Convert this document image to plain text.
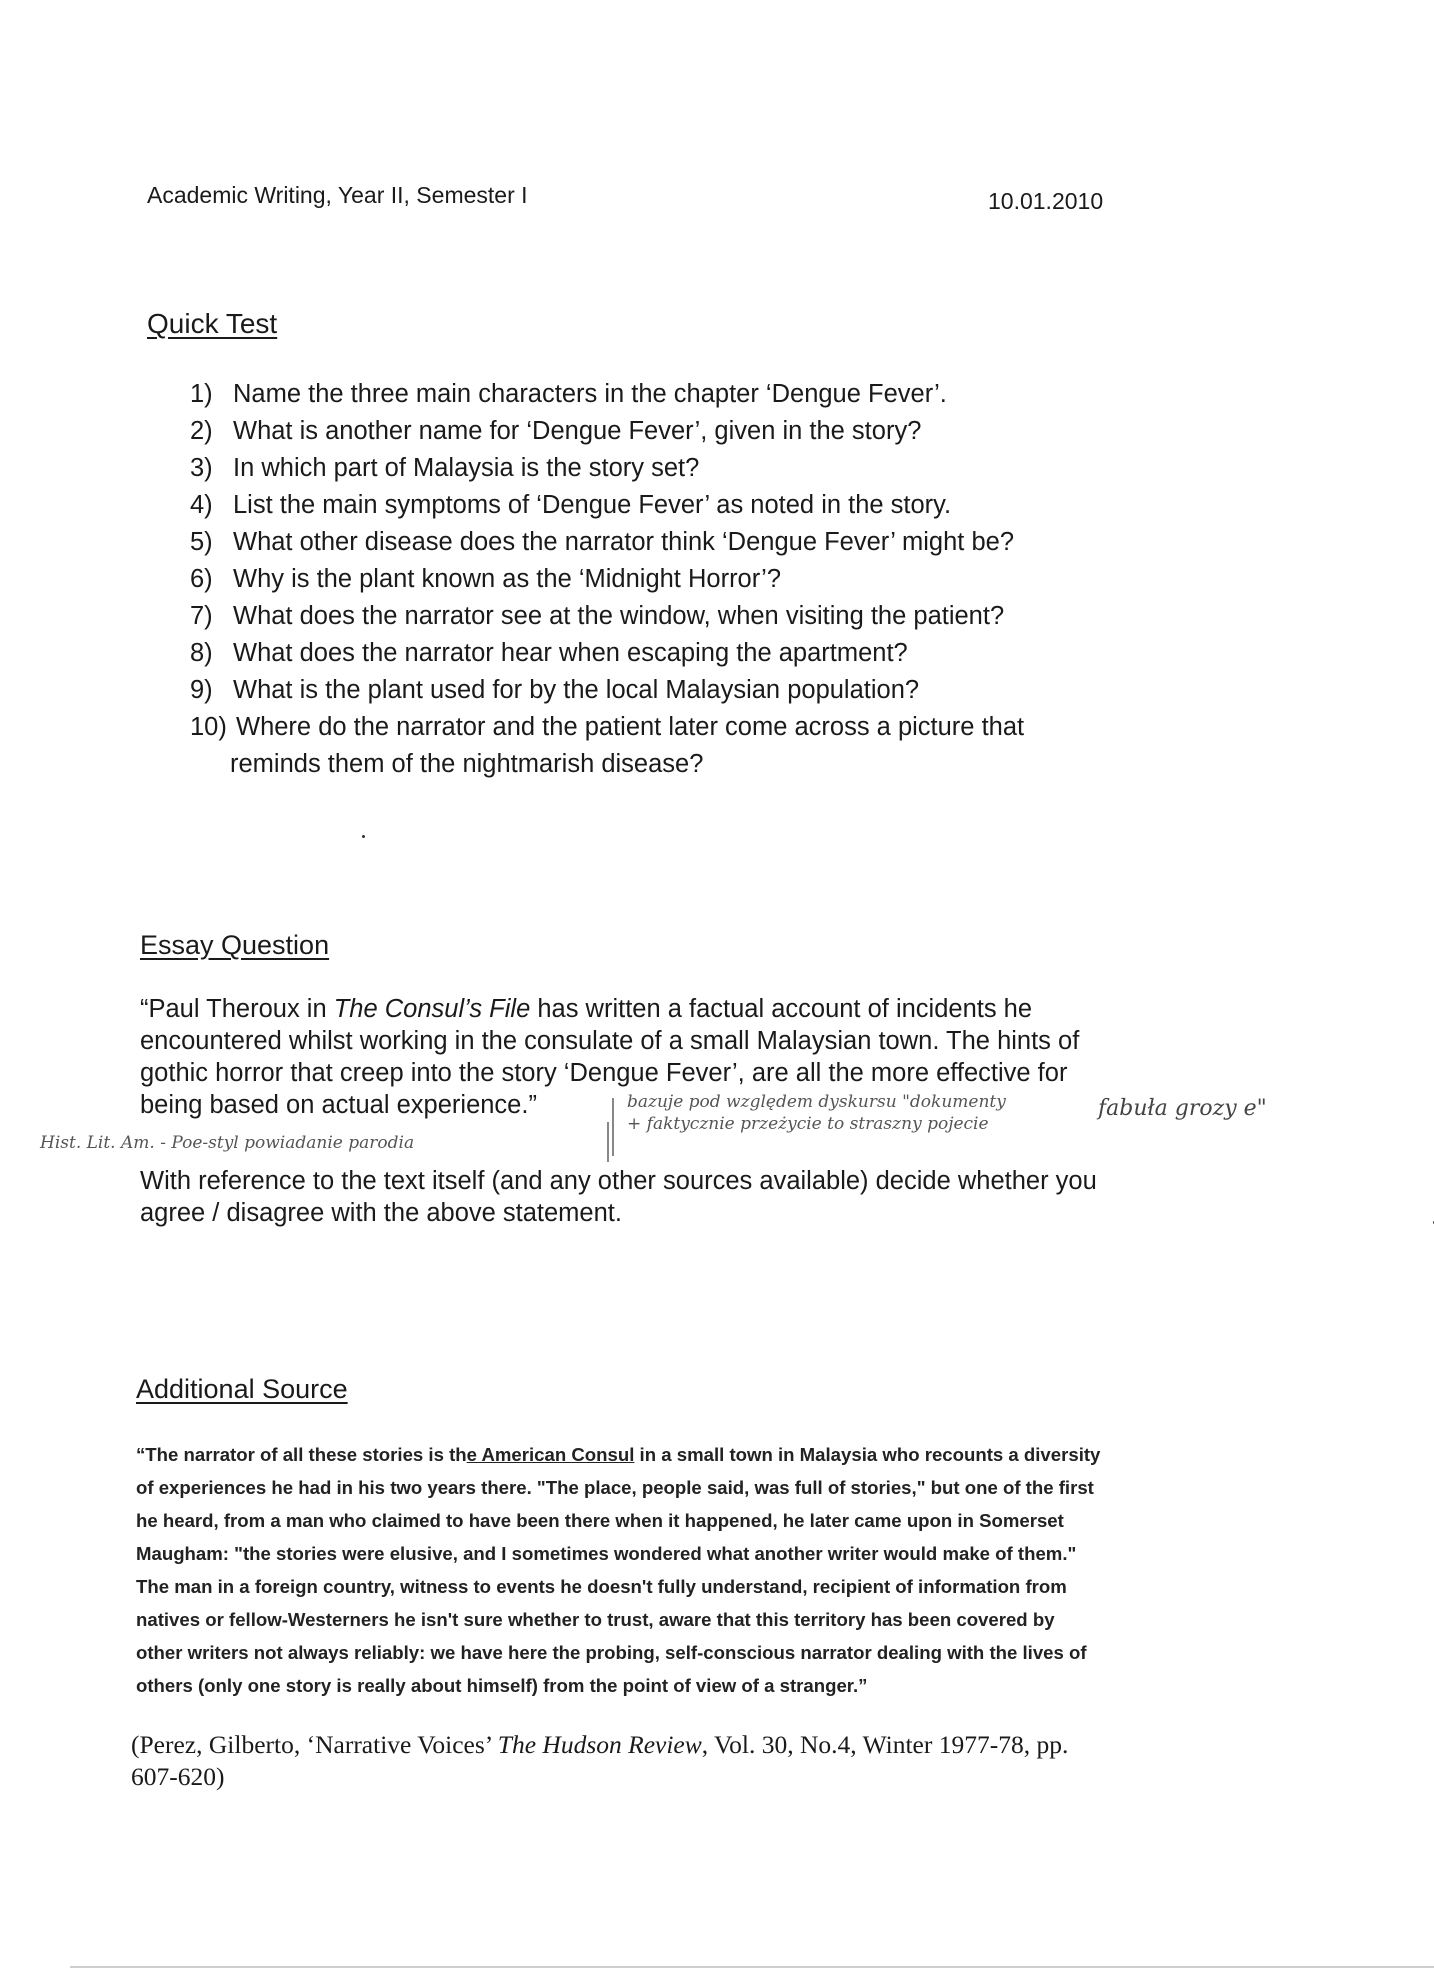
Academic Writing, Year II, Semester I	10.01.2010
Quick Test
1) Name the three main characters in the chapter ‘Dengue Fever’.
2) What is another name for ‘Dengue Fever’, given in the story?
3) In which part of Malaysia is the story set?
4) List the main symptoms of ‘Dengue Fever’ as noted in the story.
5) What other disease does the narrator think ‘Dengue Fever’ might be?
6) Why is the plant known as the ‘Midnight Horror’?
7) What does the narrator see at the window, when visiting the patient?
8) What does the narrator hear when escaping the apartment?
9) What is the plant used for by the local Malaysian population?
10) Where do the narrator and the patient later come across a picture that
reminds them of the nightmarish disease?
Essay Question
“Paul Theroux in The Consul’s File has written a factual account of incidents he
encountered whilst working in the consulate of a small Malaysian town. The hints of
gothic horror that creep into the story ‘Dengue Fever’, are all the more effective for
being based on actual experience.”
With reference to the text itself (and any other sources available) decide whether you
agree / disagree with the above statement.
Hist. Lit. Am. - Poe-styl powiadanie parodia
bazuje pod względem dyskursu "dokumenty
+ faktycznie przeżycie to straszny pojecie
fabuła grozy e"
Additional Source
“The narrator of all these stories is the American Consul in a small town in Malaysia who recounts a diversity
of experiences he had in his two years there. "The place, people said, was full of stories," but one of the first
he heard, from a man who claimed to have been there when it happened, he later came upon in Somerset
Maugham: "the stories were elusive, and I sometimes wondered what another writer would make of them."
The man in a foreign country, witness to events he doesn't fully understand, recipient of information from
natives or fellow-Westerners he isn't sure whether to trust, aware that this territory has been covered by
other writers not always reliably: we have here the probing, self-conscious narrator dealing with the lives of
others (only one story is really about himself) from the point of view of a stranger.”
(Perez, Gilberto, ‘Narrative Voices’ The Hudson Review, Vol. 30, No.4, Winter 1977-78, pp.
607-620)
